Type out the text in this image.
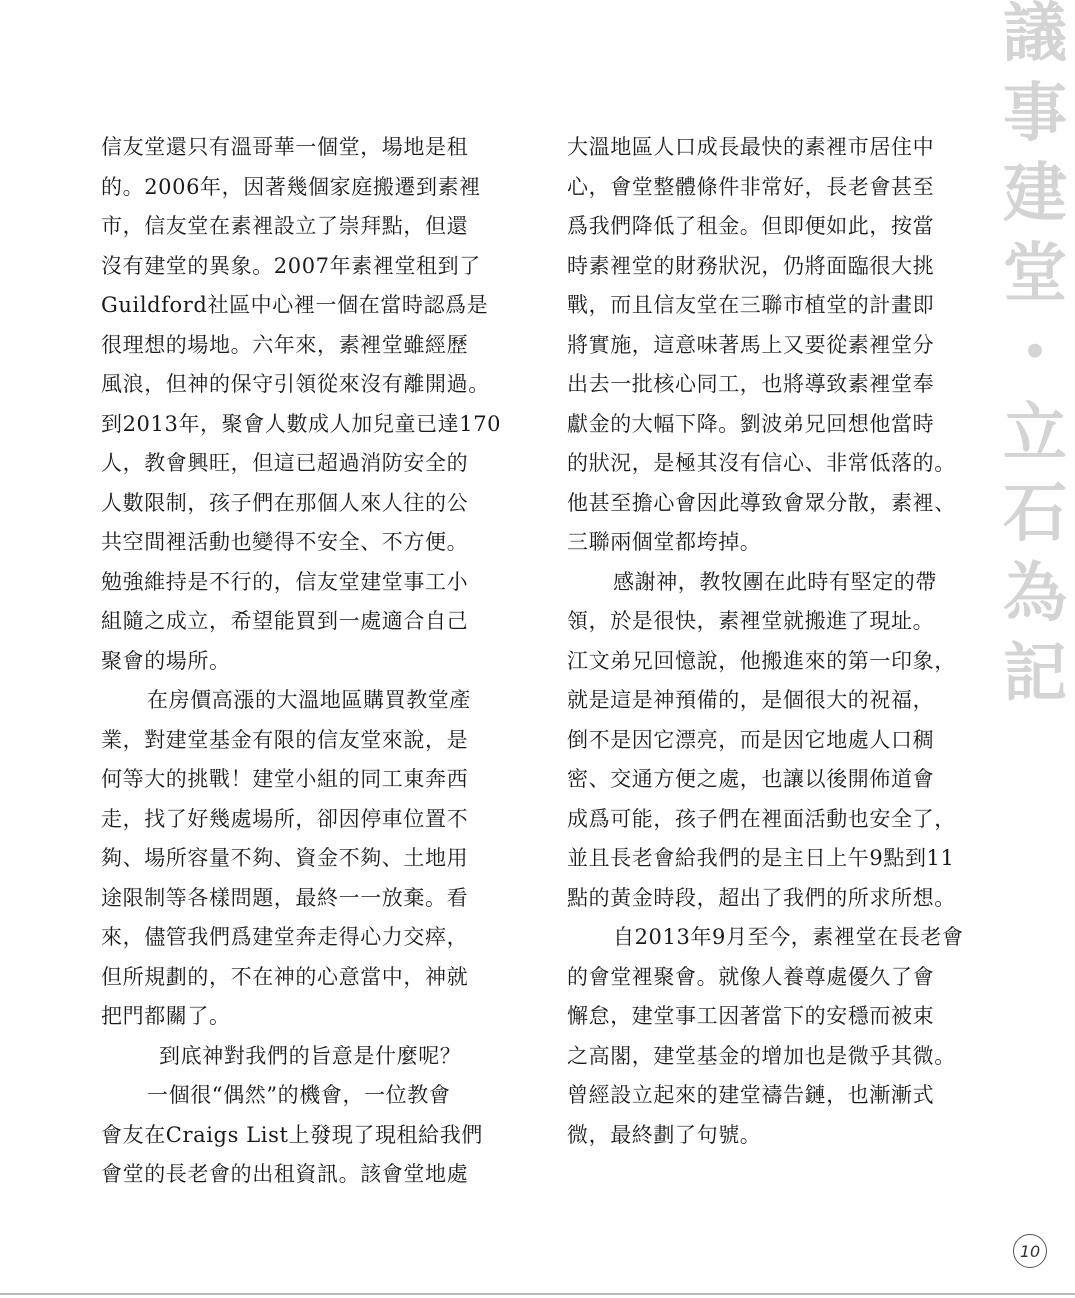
議
事
建
堂
・
立
石
為
記
信友堂還只有溫哥華一個堂，場地是租
的。2006年，因著幾個家庭搬遷到素裡
市，信友堂在素裡設立了崇拜點，但還
沒有建堂的異象。2007年素裡堂租到了
Guildford社區中心裡一個在當時認爲是
很理想的場地。六年來，素裡堂雖經歷
風浪，但神的保守引領從來沒有離開過。
到2013年，聚會人數成人加兒童已達170
人，教會興旺，但這已超過消防安全的
人數限制，孩子們在那個人來人往的公
共空間裡活動也變得不安全、不方便。
勉強維持是不行的，信友堂建堂事工小
組隨之成立，希望能買到一處適合自己
聚會的場所。
在房價高漲的大溫地區購買教堂產
業，對建堂基金有限的信友堂來說，是
何等大的挑戰！建堂小組的同工東奔西
走，找了好幾處場所，卻因停車位置不
夠、場所容量不夠、資金不夠、土地用
途限制等各樣問題，最終一一放棄。看
來，儘管我們爲建堂奔走得心力交瘁，
但所規劃的，不在神的心意當中，神就
把門都關了。
到底神對我們的旨意是什麼呢？
一個很“偶然”的機會，一位教會
會友在Craigs List上發現了現租給我們
會堂的長老會的出租資訊。該會堂地處
大溫地區人口成長最快的素裡市居住中
心，會堂整體條件非常好，長老會甚至
爲我們降低了租金。但即便如此，按當
時素裡堂的財務狀況，仍將面臨很大挑
戰，而且信友堂在三聯市植堂的計畫即
將實施，這意味著馬上又要從素裡堂分
出去一批核心同工，也將導致素裡堂奉
獻金的大幅下降。劉波弟兄回想他當時
的狀況，是極其沒有信心、非常低落的。
他甚至擔心會因此導致會眾分散，素裡、
三聯兩個堂都垮掉。
感謝神，教牧團在此時有堅定的帶
領，於是很快，素裡堂就搬進了現址。
江文弟兄回憶說，他搬進來的第一印象，
就是這是神預備的，是個很大的祝福，
倒不是因它漂亮，而是因它地處人口稠
密、交通方便之處，也讓以後開佈道會
成爲可能，孩子們在裡面活動也安全了，
並且長老會給我們的是主日上午9點到11
點的黃金時段，超出了我們的所求所想。
自2013年9月至今，素裡堂在長老會
的會堂裡聚會。就像人養尊處優久了會
懈怠，建堂事工因著當下的安穩而被束
之高閣，建堂基金的增加也是微乎其微。
曾經設立起來的建堂禱告鏈，也漸漸式
微，最終劃了句號。
10
